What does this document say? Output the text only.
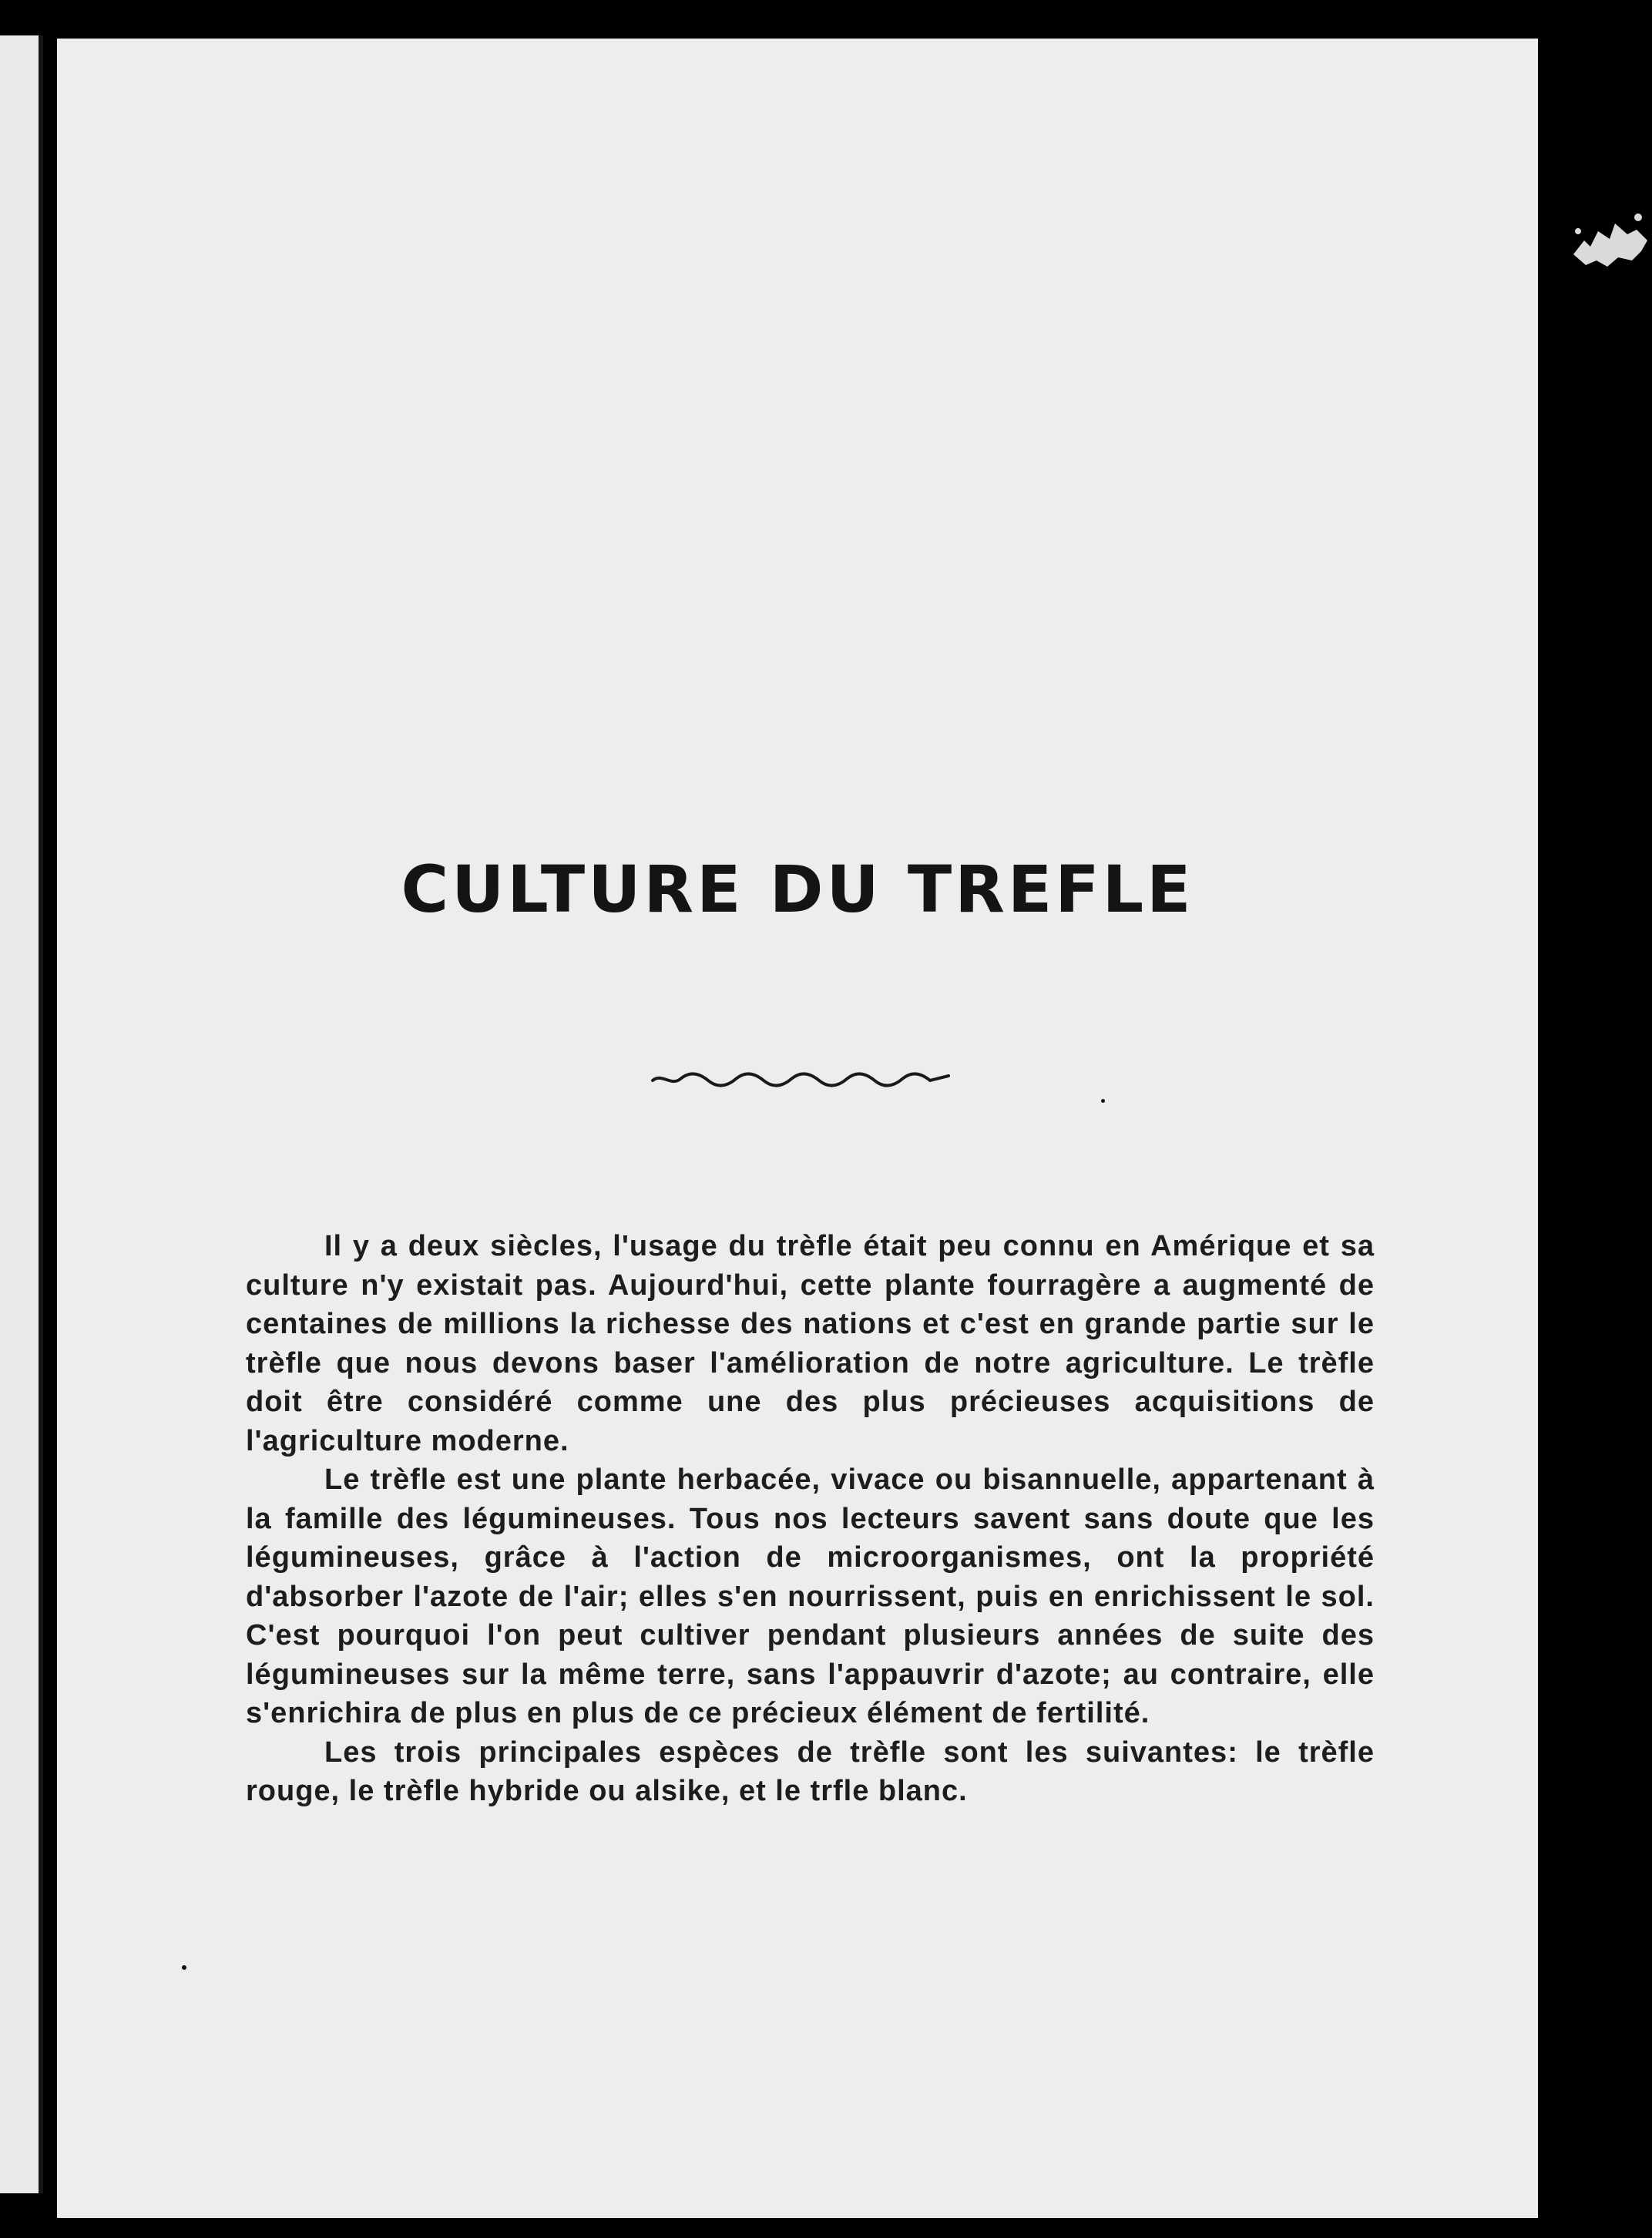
CULTURE DU TREFLE

Il y a deux siècles, l'usage du trèfle était peu connu en Amérique et sa culture n'y existait pas. Aujourd'hui, cette plante fourragère a augmenté de centaines de millions la richesse des nations et c'est en grande partie sur le trèfle que nous devons baser l'amélioration de notre agriculture. Le trèfle doit être considéré comme une des plus précieuses acquisitions de l'agriculture moderne.

Le trèfle est une plante herbacée, vivace ou bisannuelle, appartenant à la famille des légumineuses. Tous nos lecteurs savent sans doute que les légumineuses, grâce à l'action de microorganismes, ont la propriété d'absorber l'azote de l'air; elles s'en nourrissent, puis en enrichissent le sol. C'est pourquoi l'on peut cultiver pendant plusieurs années de suite des légumineuses sur la même terre, sans l'appauvrir d'azote; au contraire, elle s'enrichira de plus en plus de ce précieux élément de fertilité.

Les trois principales espèces de trèfle sont les suivantes: le trèfle rouge, le trèfle hybride ou alsike, et le trfle blanc.
